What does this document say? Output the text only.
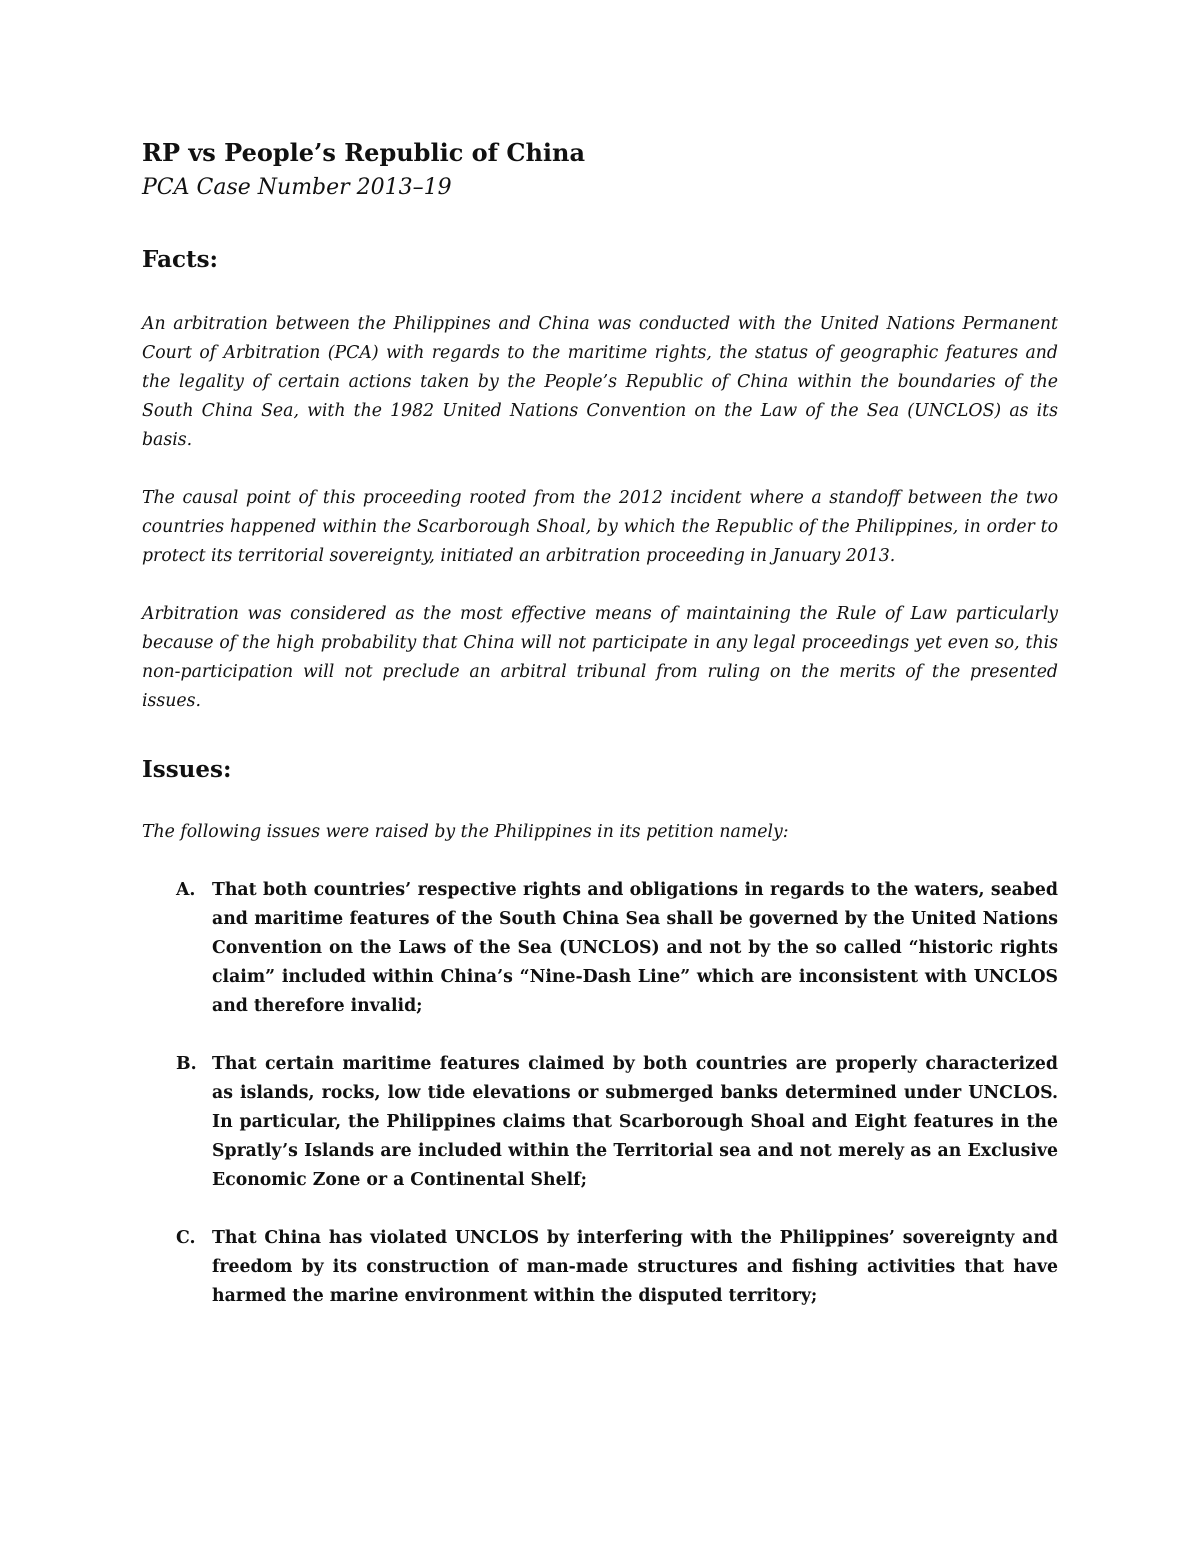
RP vs People’s Republic of China

PCA Case Number 2013–19

Facts:

An arbitration between the Philippines and China was conducted with the United Nations Permanent Court of Arbitration (PCA) with regards to the maritime rights, the status of geographic features and the legality of certain actions taken by the People’s Republic of China within the boundaries of the South China Sea, with the 1982 United Nations Convention on the Law of the Sea (UNCLOS) as its basis.

The causal point of this proceeding rooted from the 2012 incident where a standoff between the two countries happened within the Scarborough Shoal, by which the Republic of the Philippines, in order to protect its territorial sovereignty, initiated an arbitration proceeding in January 2013.

Arbitration was considered as the most effective means of maintaining the Rule of Law particularly because of the high probability that China will not participate in any legal proceedings yet even so, this non-participation will not preclude an arbitral tribunal from ruling on the merits of the presented issues.

Issues:

The following issues were raised by the Philippines in its petition namely:

A. That both countries’ respective rights and obligations in regards to the waters, seabed and maritime features of the South China Sea shall be governed by the United Nations Convention on the Laws of the Sea (UNCLOS) and not by the so called “historic rights claim” included within China’s “Nine-Dash Line” which are inconsistent with UNCLOS and therefore invalid;
B. That certain maritime features claimed by both countries are properly characterized as islands, rocks, low tide elevations or submerged banks determined under UNCLOS. In particular, the Philippines claims that Scarborough Shoal and Eight features in the Spratly’s Islands are included within the Territorial sea and not merely as an Exclusive Economic Zone or a Continental Shelf;
C. That China has violated UNCLOS by interfering with the Philippines’ sovereignty and freedom by its construction of man-made structures and fishing activities that have harmed the marine environment within the disputed territory;
